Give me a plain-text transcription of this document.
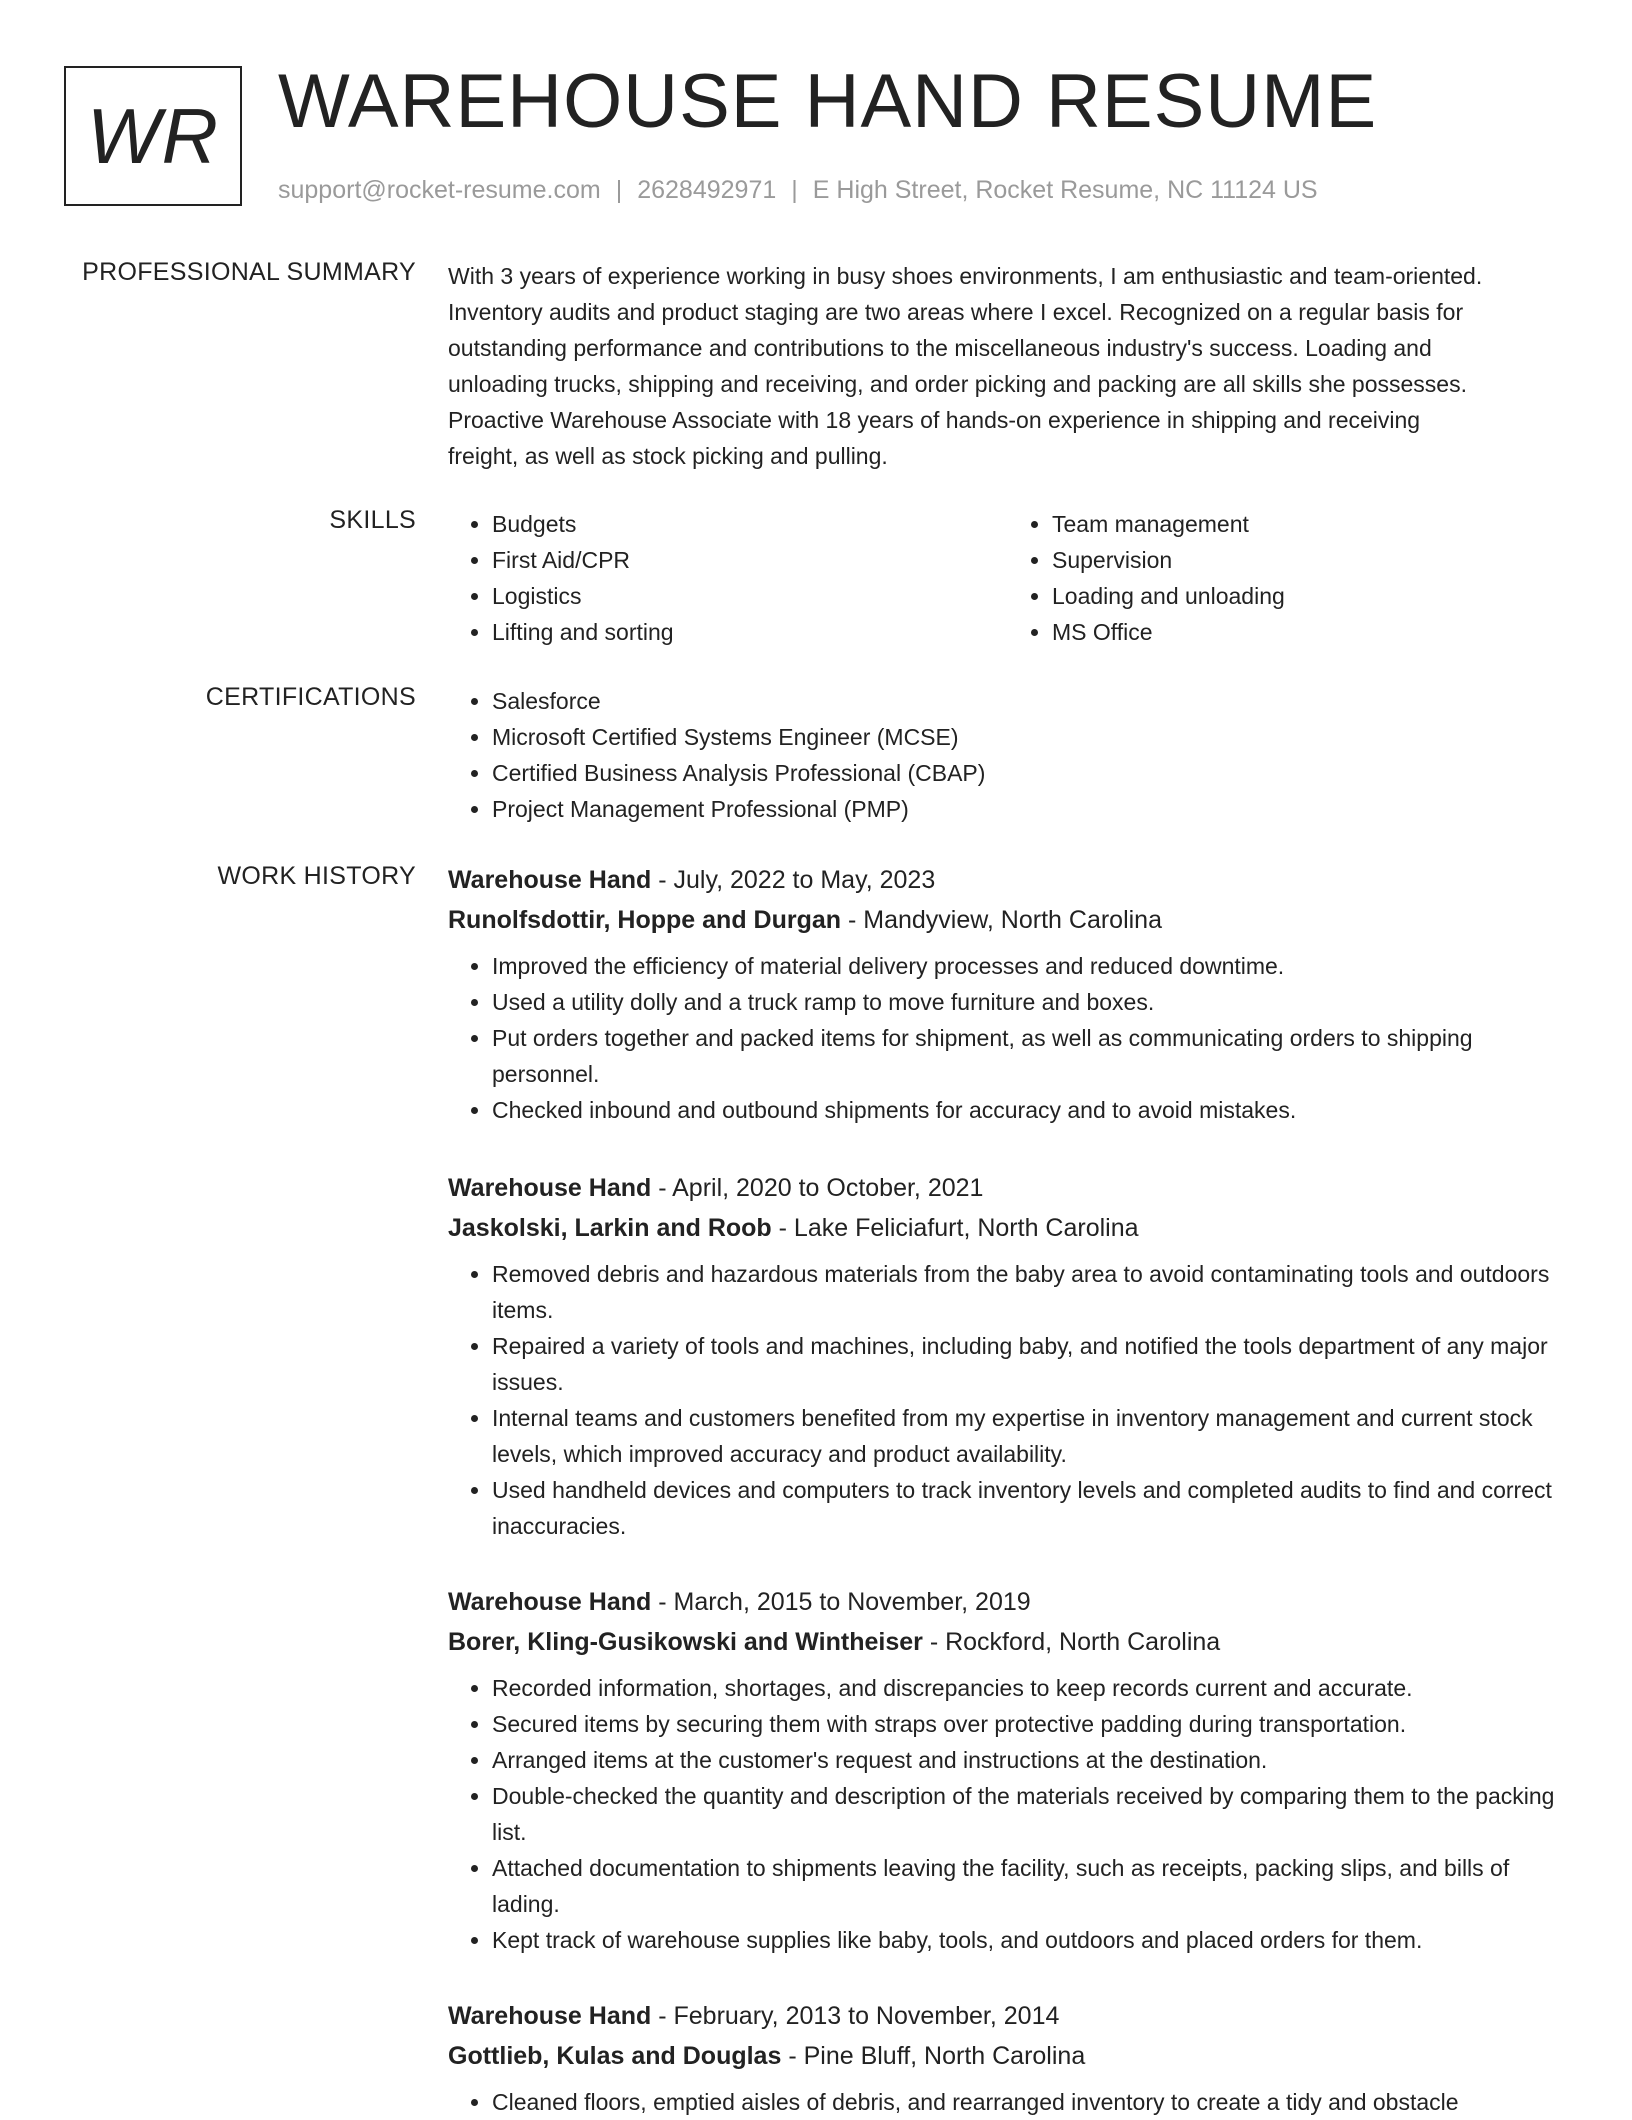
WR WAREHOUSE HAND RESUME
support@rocket-resume.com | 2628492971 | E High Street, Rocket Resume, NC 11124 US
PROFESSIONAL SUMMARY With 3 years of experience working in busy shoes environments, I am enthusiastic and team-oriented.
Inventory audits and product staging are two areas where I excel. Recognized on a regular basis for
outstanding performance and contributions to the miscellaneous industry's success. Loading and
unloading trucks, shipping and receiving, and order picking and packing are all skills she possesses.
Proactive Warehouse Associate with 18 years of hands-on experience in shipping and receiving
freight, as well as stock picking and pulling.

SKILLS	• Budgets
• First Aid/CPR
• Logistics
• Lifting and sorting
• Team management
• Supervision
• Loading and unloading
• MS Office
CERTIFICATIONS	• Salesforce
• Microsoft Certified Systems Engineer (MCSE)
• Certified Business Analysis Professional (CBAP)
• Project Management Professional (PMP)
WORK HISTORY Warehouse Hand - July, 2022 to May, 2023
Runolfsdottir, Hoppe and Durgan - Mandyview, North Carolina
• Improved the efficiency of material delivery processes and reduced downtime.
• Used a utility dolly and a truck ramp to move furniture and boxes.
• Put orders together and packed items for shipment, as well as communicating orders to shipping personnel.
• Checked inbound and outbound shipments for accuracy and to avoid mistakes.
Warehouse Hand - April, 2020 to October, 2021
Jaskolski, Larkin and Roob - Lake Feliciafurt, North Carolina
• Removed debris and hazardous materials from the baby area to avoid contaminating tools and outdoors items.
• Repaired a variety of tools and machines, including baby, and notified the tools department of any major issues.
• Internal teams and customers benefited from my expertise in inventory management and current stock levels, which improved accuracy and product availability.
• Used handheld devices and computers to track inventory levels and completed audits to find and correct inaccuracies.
Warehouse Hand - March, 2015 to November, 2019
Borer, Kling-Gusikowski and Wintheiser - Rockford, North Carolina
• Recorded information, shortages, and discrepancies to keep records current and accurate.
• Secured items by securing them with straps over protective padding during transportation.
• Arranged items at the customer's request and instructions at the destination.
• Double-checked the quantity and description of the materials received by comparing them to the packing list.
• Attached documentation to shipments leaving the facility, such as receipts, packing slips, and bills of lading.
• Kept track of warehouse supplies like baby, tools, and outdoors and placed orders for them.
Warehouse Hand - February, 2013 to November, 2014
Gottlieb, Kulas and Douglas - Pine Bluff, North Carolina
• Cleaned floors, emptied aisles of debris, and rearranged inventory to create a tidy and obstacle
